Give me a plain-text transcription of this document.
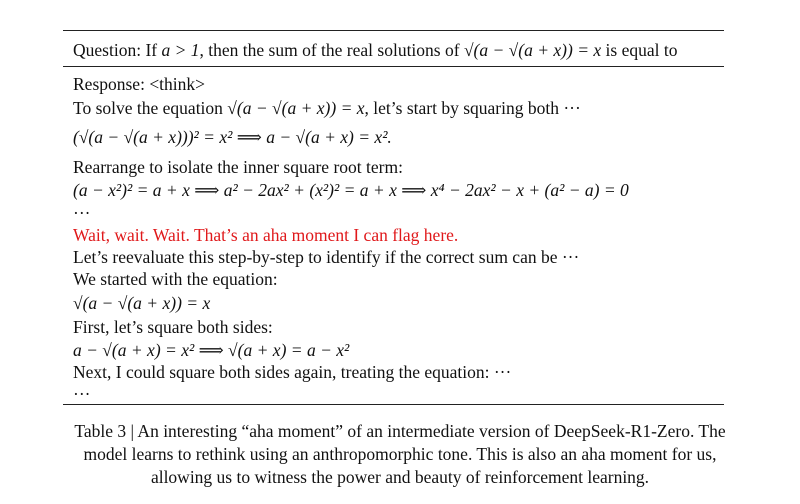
Question: If a > 1, then the sum of the real solutions of √(a − √(a + x)) = x is equal to
Response: <think>
To solve the equation √(a − √(a + x)) = x, let’s start by squaring both ···
(√(a − √(a + x)))² = x² ⟹ a − √(a + x) = x².
Rearrange to isolate the inner square root term:
(a − x²)² = a + x ⟹ a² − 2ax² + (x²)² = a + x ⟹ x⁴ − 2ax² − x + (a² − a) = 0
···
Wait, wait. Wait. That’s an aha moment I can flag here.
Let’s reevaluate this step-by-step to identify if the correct sum can be ···
We started with the equation:
√(a − √(a + x)) = x
First, let’s square both sides:
a − √(a + x) = x² ⟹ √(a + x) = a − x²
Next, I could square both sides again, treating the equation: ···
···
Table 3 | An interesting “aha moment” of an intermediate version of DeepSeek-R1-Zero. The
model learns to rethink using an anthropomorphic tone. This is also an aha moment for us,
allowing us to witness the power and beauty of reinforcement learning.
